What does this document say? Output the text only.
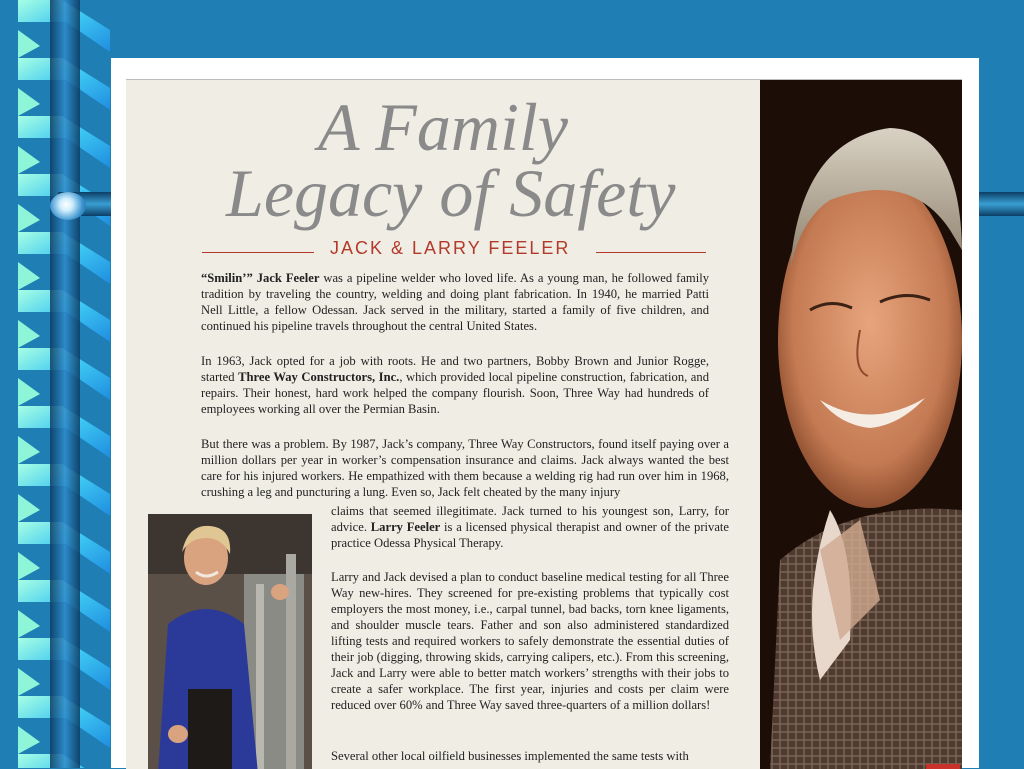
A Family
Legacy of Safety
JACK & LARRY FEELER

“Smilin’” Jack Feeler was a pipeline welder who loved life. As a young man, he followed family tradition by traveling the country, welding and doing plant fabrication. In 1940, he married Patti Nell Little, a fellow Odessan. Jack served in the military, started a family of five children, and continued his pipeline travels throughout the central United States.

In 1963, Jack opted for a job with roots. He and two partners, Bobby Brown and Junior Rogge, started Three Way Constructors, Inc., which provided local pipeline construction, fabrication, and repairs. Their honest, hard work helped the company flourish. Soon, Three Way had hundreds of employees working all over the Permian Basin.

But there was a problem. By 1987, Jack’s company, Three Way Constructors, found itself paying over a million dollars per year in worker’s compensation insurance and claims. Jack always wanted the best care for his injured workers. He empathized with them because a welding rig had run over him in 1968, crushing a leg and puncturing a lung. Even so, Jack felt cheated by the many injury

claims that seemed illegitimate. Jack turned to his youngest son, Larry, for advice. Larry Feeler is a licensed physical therapist and owner of the private practice Odessa Physical Therapy.

Larry and Jack devised a plan to conduct baseline medical testing for all Three Way new-hires. They screened for pre-existing problems that typically cost employers the most money, i.e., carpal tunnel, bad backs, torn knee ligaments, and shoulder muscle tears. Father and son also administered standardized lifting tests and required workers to safely demonstrate the essential duties of their job (digging, throwing skids, carrying calipers, etc.). From this screening, Jack and Larry were able to better match workers’ strengths with their jobs to create a safer workplace. The first year, injuries and costs per claim were reduced over 60% and Three Way saved three-quarters of a million dollars!

Several other local oilfield businesses implemented the same tests with
